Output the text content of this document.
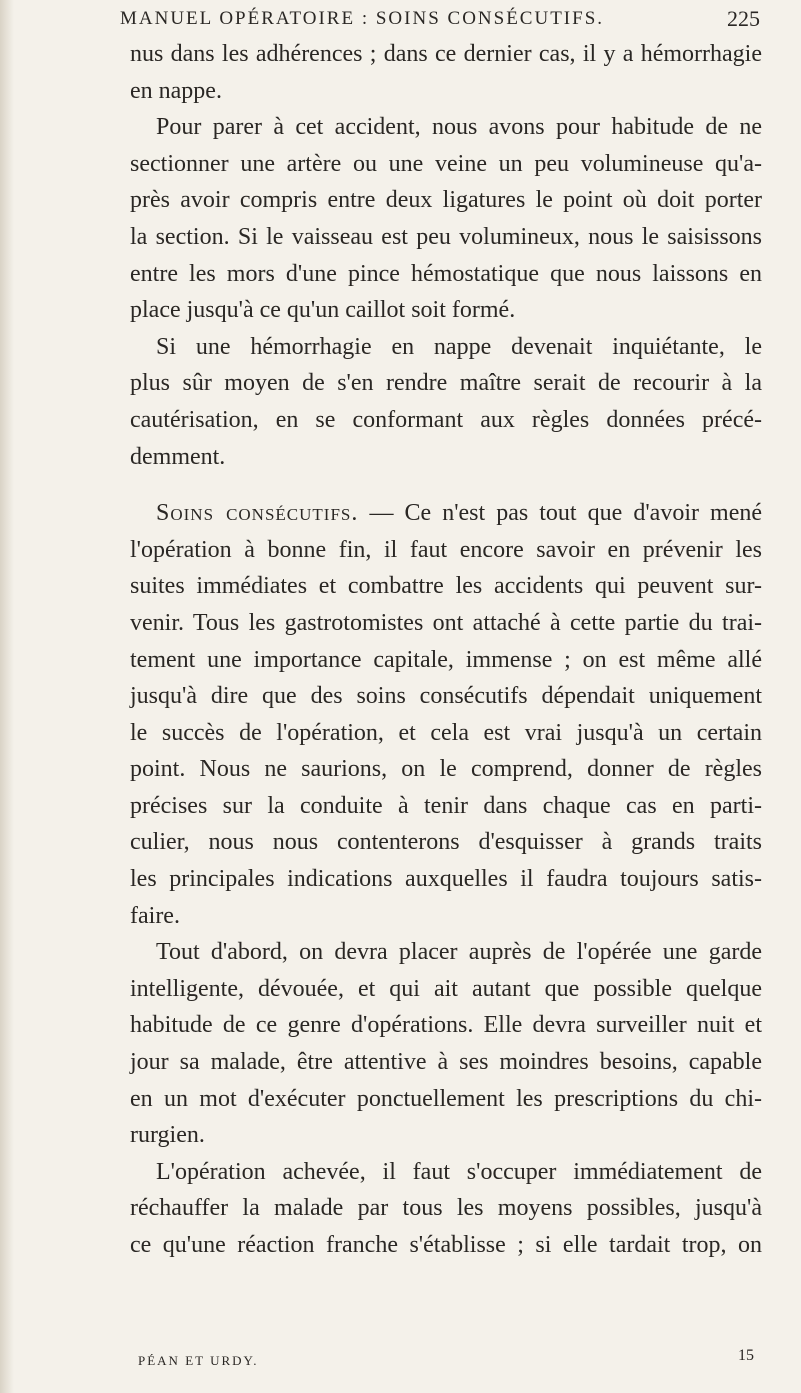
MANUEL OPÉRATOIRE : SOINS CONSÉCUTIFS.	225
nus dans les adhérences ; dans ce dernier cas, il y a hémorrhagie
en nappe.
Pour parer à cet accident, nous avons pour habitude de ne
sectionner une artère ou une veine un peu volumineuse qu'a-
près avoir compris entre deux ligatures le point où doit porter
la section. Si le vaisseau est peu volumineux, nous le saisissons
entre les mors d'une pince hémostatique que nous laissons en
place jusqu'à ce qu'un caillot soit formé.
Si une hémorrhagie en nappe devenait inquiétante, le
plus sûr moyen de s'en rendre maître serait de recourir à la
cautérisation, en se conformant aux règles données précé-
demment.
Soins consécutifs. — Ce n'est pas tout que d'avoir mené
l'opération à bonne fin, il faut encore savoir en prévenir les
suites immédiates et combattre les accidents qui peuvent sur-
venir. Tous les gastrotomistes ont attaché à cette partie du trai-
tement une importance capitale, immense ; on est même allé
jusqu'à dire que des soins consécutifs dépendait uniquement
le succès de l'opération, et cela est vrai jusqu'à un certain
point. Nous ne saurions, on le comprend, donner de règles
précises sur la conduite à tenir dans chaque cas en parti-
culier, nous nous contenterons d'esquisser à grands traits
les principales indications auxquelles il faudra toujours satis-
faire.
Tout d'abord, on devra placer auprès de l'opérée une garde
intelligente, dévouée, et qui ait autant que possible quelque
habitude de ce genre d'opérations. Elle devra surveiller nuit et
jour sa malade, être attentive à ses moindres besoins, capable
en un mot d'exécuter ponctuellement les prescriptions du chi-
rurgien.
L'opération achevée, il faut s'occuper immédiatement de
réchauffer la malade par tous les moyens possibles, jusqu'à
ce qu'une réaction franche s'établisse ; si elle tardait trop, on
PÉAN ET URDY.	15
